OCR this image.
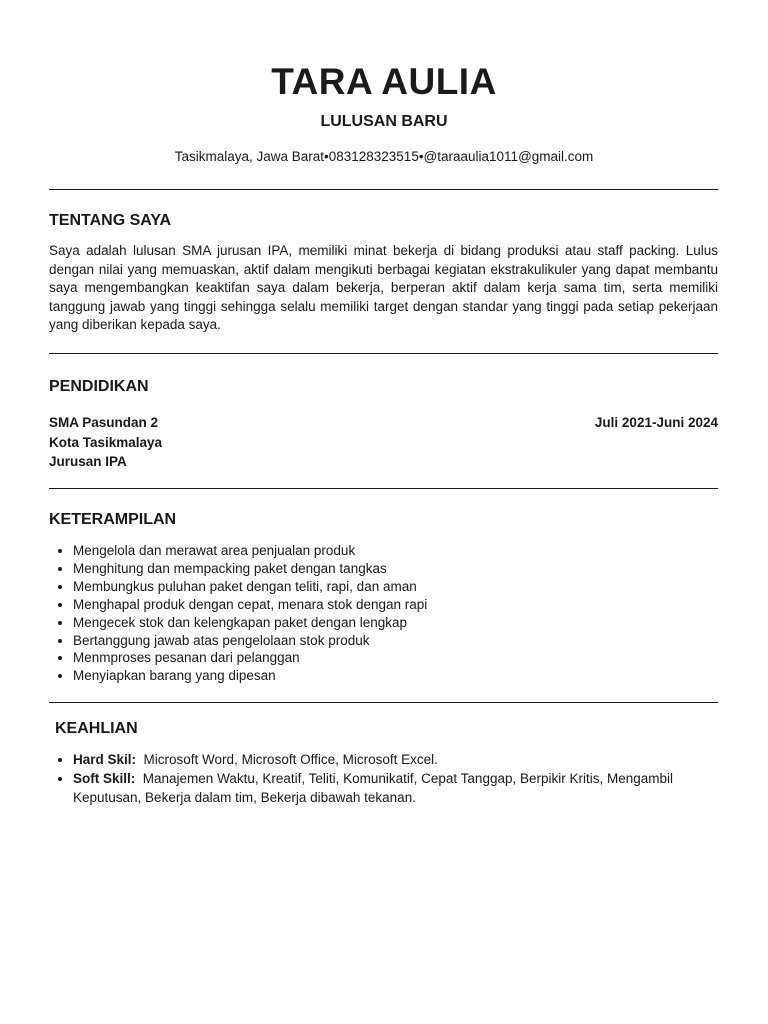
TARA AULIA
LULUSAN BARU
Tasikmalaya, Jawa Barat•083128323515•@taraaulia1011@gmail.com
TENTANG SAYA

Saya adalah lulusan SMA jurusan IPA, memiliki minat bekerja di bidang produksi atau staff packing. Lulus dengan nilai yang memuaskan, aktif dalam mengikuti berbagai kegiatan ekstrakulikuler yang dapat membantu saya mengembangkan keaktifan saya dalam bekerja, berperan aktif dalam kerja sama tim, serta memiliki tanggung jawab yang tinggi sehingga selalu memiliki target dengan standar yang tinggi pada setiap pekerjaan yang diberikan kepada saya.

PENDIDIKAN
SMA Pasundan 2
Kota Tasikmalaya
Jurusan IPA
Juli 2021-Juni 2024
KETERAMPILAN
• Mengelola dan merawat area penjualan produk
• Menghitung dan mempacking paket dengan tangkas
• Membungkus puluhan paket dengan teliti, rapi, dan aman
• Menghapal produk dengan cepat, menara stok dengan rapi
• Mengecek stok dan kelengkapan paket dengan lengkap
• Bertanggung jawab atas pengelolaan stok produk
• Menmproses pesanan dari pelanggan
• Menyiapkan barang yang dipesan
KEAHLIAN
• Hard Skil: Microsoft Word, Microsoft Office, Microsoft Excel.
• Soft Skill: Manajemen Waktu, Kreatif, Teliti, Komunikatif, Cepat Tanggap, Berpikir Kritis, Mengambil Keputusan, Bekerja dalam tim, Bekerja dibawah tekanan.
